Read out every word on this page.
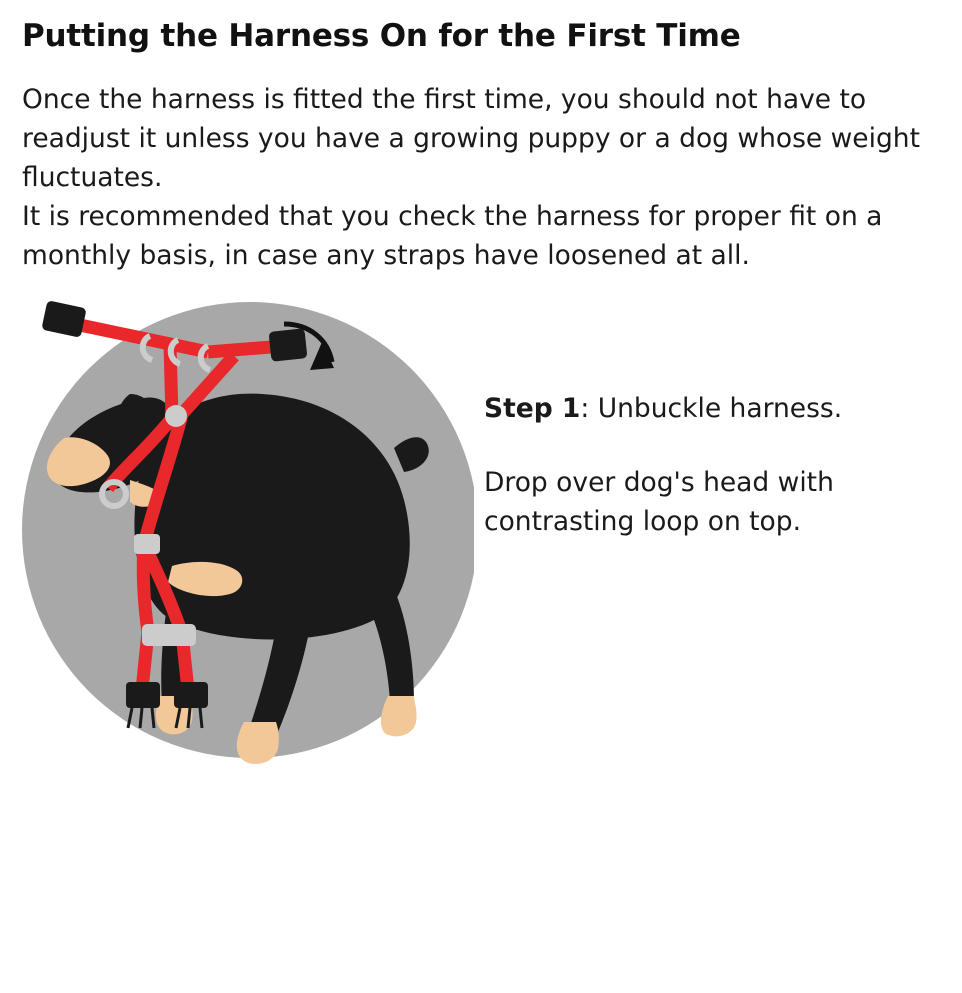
Putting the Harness On for the First Time

Once the harness is fitted the first time, you should not have to readjust it unless you have a growing puppy or a dog whose weight fluctuates.

It is recommended that you check the harness for proper fit on a monthly basis, in case any straps have loosened at all.

Step 1: Unbuckle harness.

Drop over dog's head with contrasting loop on top.
